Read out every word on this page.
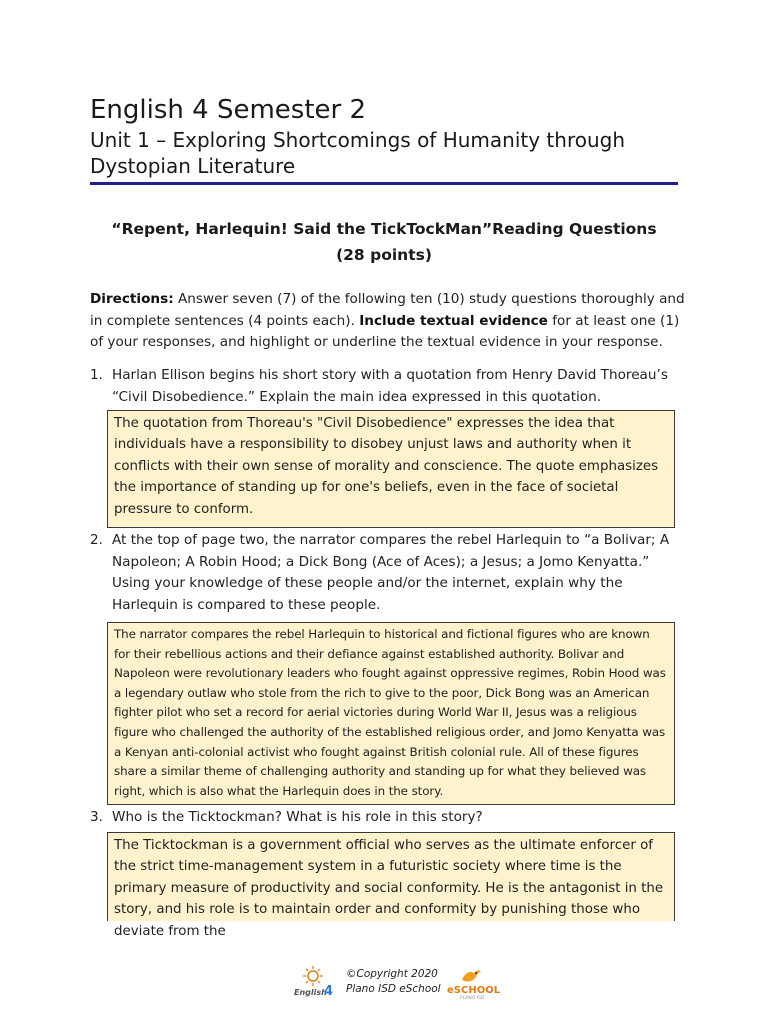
English 4 Semester 2
Unit 1 – Exploring Shortcomings of Humanity through
Dystopian Literature
“Repent, Harlequin! Said the TickTockMan”Reading Questions
(28 points)
Directions: Answer seven (7) of the following ten (10) study questions thoroughly and in complete sentences (4 points each). Include textual evidence for at least one (1) of your responses, and highlight or underline the textual evidence in your response.
1. Harlan Ellison begins his short story with a quotation from Henry David Thoreau’s “Civil Disobedience.” Explain the main idea expressed in this quotation.
The quotation from Thoreau's "Civil Disobedience" expresses the idea that individuals have a responsibility to disobey unjust laws and authority when it conflicts with their own sense of morality and conscience. The quote emphasizes the importance of standing up for one's beliefs, even in the face of societal pressure to conform.
2. At the top of page two, the narrator compares the rebel Harlequin to “a Bolivar; A Napoleon; A Robin Hood; a Dick Bong (Ace of Aces); a Jesus; a Jomo Kenyatta.” Using your knowledge of these people and/or the internet, explain why the Harlequin is compared to these people.
The narrator compares the rebel Harlequin to historical and fictional figures who are known for their rebellious actions and their defiance against established authority. Bolivar and Napoleon were revolutionary leaders who fought against oppressive regimes, Robin Hood was a legendary outlaw who stole from the rich to give to the poor, Dick Bong was an American fighter pilot who set a record for aerial victories during World War II, Jesus was a religious figure who challenged the authority of the established religious order, and Jomo Kenyatta was a Kenyan anti-colonial activist who fought against British colonial rule. All of these figures share a similar theme of challenging authority and standing up for what they believed was right, which is also what the Harlequin does in the story.
3. Who is the Ticktockman? What is his role in this story?
The Ticktockman is a government official who serves as the ultimate enforcer of the strict time-management system in a futuristic society where time is the primary measure of productivity and social conformity. He is the antagonist in the story, and his role is to maintain order and conformity by punishing those who deviate from the
English
4
©Copyright 2020
Plano ISD eSchool eSCHOOL
PLANO ISD
